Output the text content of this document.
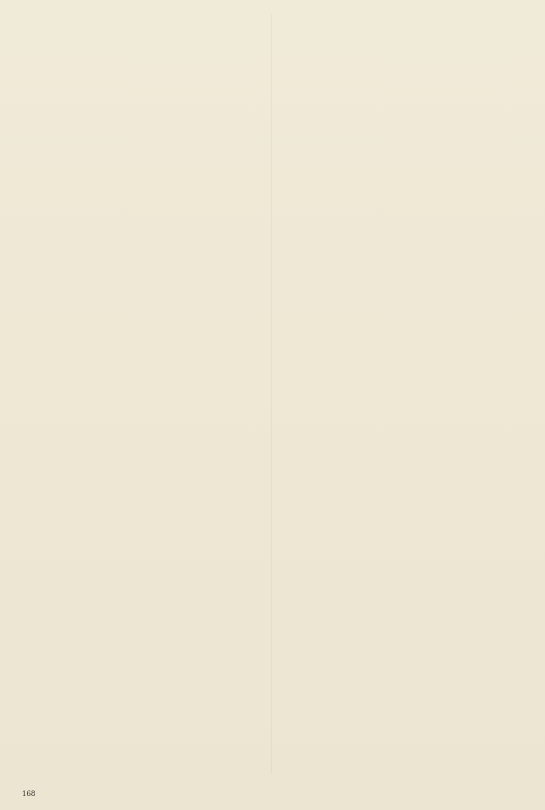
168
